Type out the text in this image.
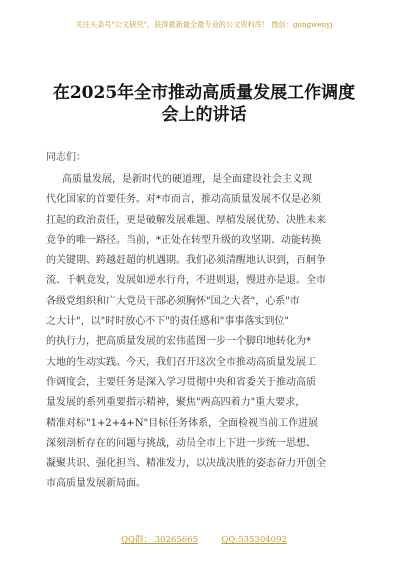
关注头条号"公文研究"，获得最新最全最专业的公文资料库！ 微信：gongwenyj
在2025年全市推动高质量发展工作调度
会上的讲话
同志们：
高质量发展，是新时代的硬道理，是全面建设社会主义现
代化国家的首要任务。对*市而言，推动高质量发展不仅是必须
扛起的政治责任，更是破解发展难题、厚植发展优势、决胜未来
竞争的唯一路径。当前，*正处在转型升级的攻坚期、动能转换
的关键期、跨越赶超的机遇期。我们必须清醒地认识到，百舸争
流、千帆竞发，发展如逆水行舟，不进则退，慢进亦是退。全市
各级党组织和广大党员干部必须胸怀"国之大者"，心系"市
之大计"，以"时时放心不下"的责任感和"事事落实到位"
的执行力，把高质量发展的宏伟蓝图一步一个脚印地转化为*
大地的生动实践。今天，我们召开这次全市推动高质量发展工
作调度会，主要任务是深入学习贯彻中央和省委关于推动高质
量发展的系列重要指示精神，聚焦"两高四着力"重大要求，
精准对标"1+2+4+N"目标任务体系，全面检视当前工作进展
深刻剖析存在的问题与挑战，动员全市上下进一步统一思想、
凝聚共识、强化担当、精准发力，以决战决胜的姿态奋力开创全
市高质量发展新局面。
QQ群： 30265665	QQ:535304092
